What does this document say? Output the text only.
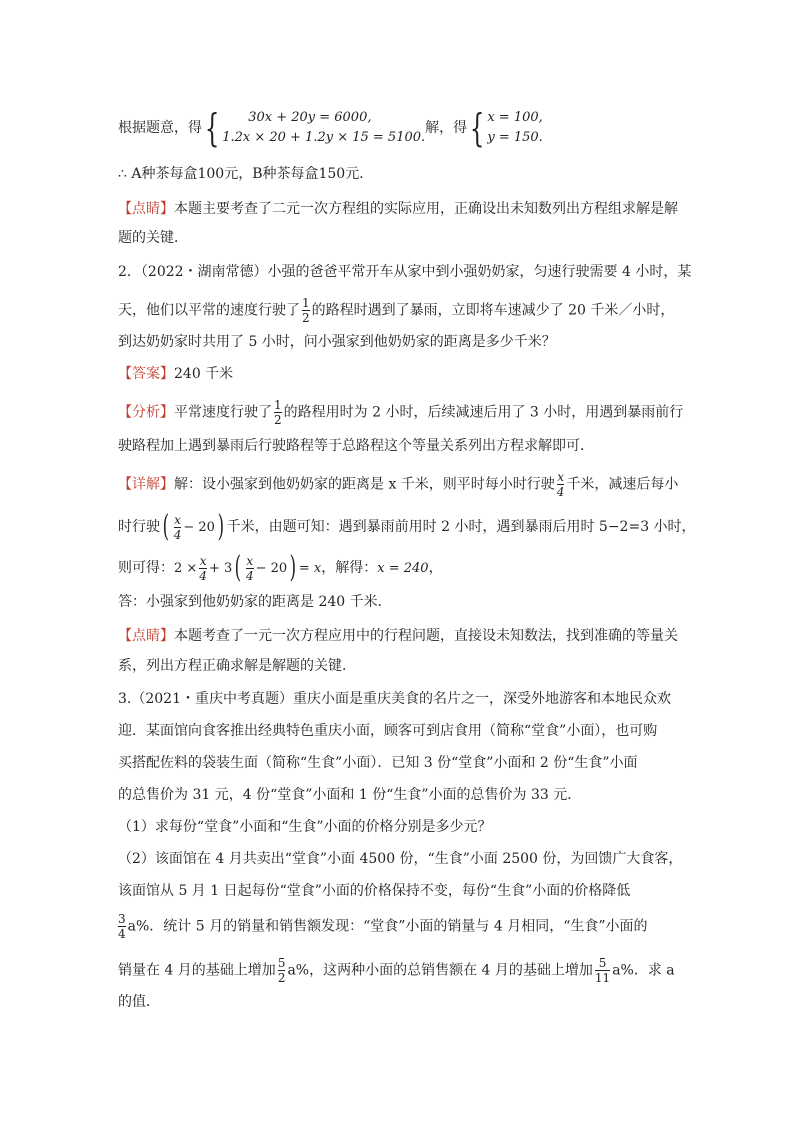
根据题意，得{	30x + 20y = 6000,
1.2x × 20 + 1.2y × 15 = 5100.
解，得{ x = 100,
y = 150.
∴ A种茶每盒100元，B种茶每盒150元．
【点睛】本题主要考查了二元一次方程组的实际应用，正确设出未知数列出方程组求解是解
题的关键．
2．（2022・湖南常德）小强的爸爸平常开车从家中到小强奶奶家，匀速行驶需要 4 小时，某
天，他们以平常的速度行驶了 $\frac{1}{2}$ 的路程时遇到了暴雨，立即将车速减少了 20 千米／小时，
到达奶奶家时共用了 5 小时，问小强家到他奶奶家的距离是多少千米？
【答案】240 千米
【分析】平常速度行驶了 $\frac{1}{2}$ 的路程用时为 2 小时，后续减速后用了 3 小时，用遇到暴雨前行
驶路程加上遇到暴雨后行驶路程等于总路程这个等量关系列出方程求解即可．
【详解】解：设小强家到他奶奶家的距离是 x 千米，则平时每小时行驶 $\frac{x}{4}$ 千米，减速后每小
时行驶( $\frac{x}{4} - 20$) 千米，由题可知：遇到暴雨前用时 2 小时，遇到暴雨后用时 5−2=3 小时，
则可得：$2 \times \frac{x}{4} + 3( \frac{x}{4} - 20) = x$，解得：x = 240，
答：小强家到他奶奶家的距离是 240 千米．
【点睛】本题考查了一元一次方程应用中的行程问题，直接设未知数法，找到准确的等量关
系，列出方程正确求解是解题的关键．
3.（2021・重庆中考真题）重庆小面是重庆美食的名片之一，深受外地游客和本地民众欢
迎．某面馆向食客推出经典特色重庆小面，顾客可到店食用（简称“堂食”小面），也可购
买搭配佐料的袋装生面（简称“生食”小面）．已知 3 份“堂食”小面和 2 份“生食”小面
的总售价为 31 元，4 份“堂食”小面和 1 份“生食”小面的总售价为 33 元．
（1）求每份“堂食”小面和“生食”小面的价格分别是多少元？
（2）该面馆在 4 月共卖出“堂食”小面 4500 份，“生食”小面 2500 份，为回馈广大食客，
该面馆从 5 月 1 日起每份“堂食”小面的价格保持不变，每份“生食”小面的价格降低
$\frac{3}{4} a\%$．统计 5 月的销量和销售额发现：“堂食”小面的销量与 4 月相同，“生食”小面的
销量在 4 月的基础上增加 $\frac{5}{2} a\%$，这两种小面的总销售额在 4 月的基础上增加 $\frac{5}{11} a\%$．求 a
的值．
